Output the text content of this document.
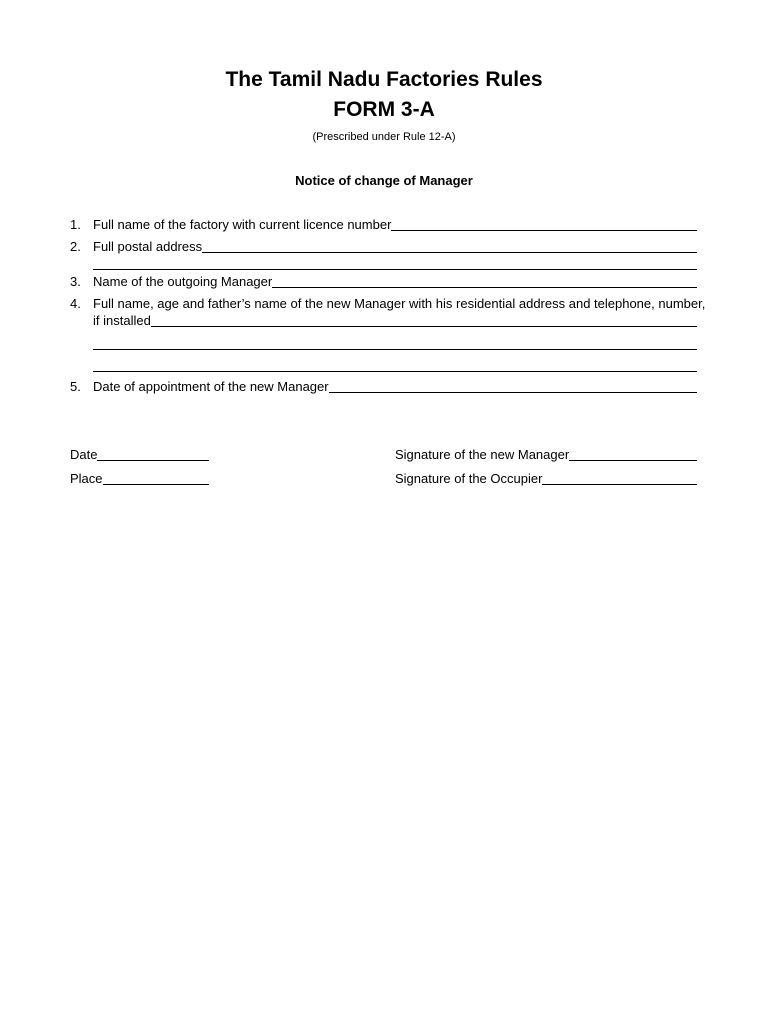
The Tamil Nadu Factories Rules
FORM 3-A
(Prescribed under Rule 12-A)
Notice of change of Manager
1. Full name of the factory with current licence number
2. Full postal address
3. Name of the outgoing Manager
4. Full name, age and father’s name of the new Manager with his residential address and telephone, number,
if installed
5. Date of appointment of the new Manager
Date	Signature of the new Manager
Place	Signature of the Occupier
